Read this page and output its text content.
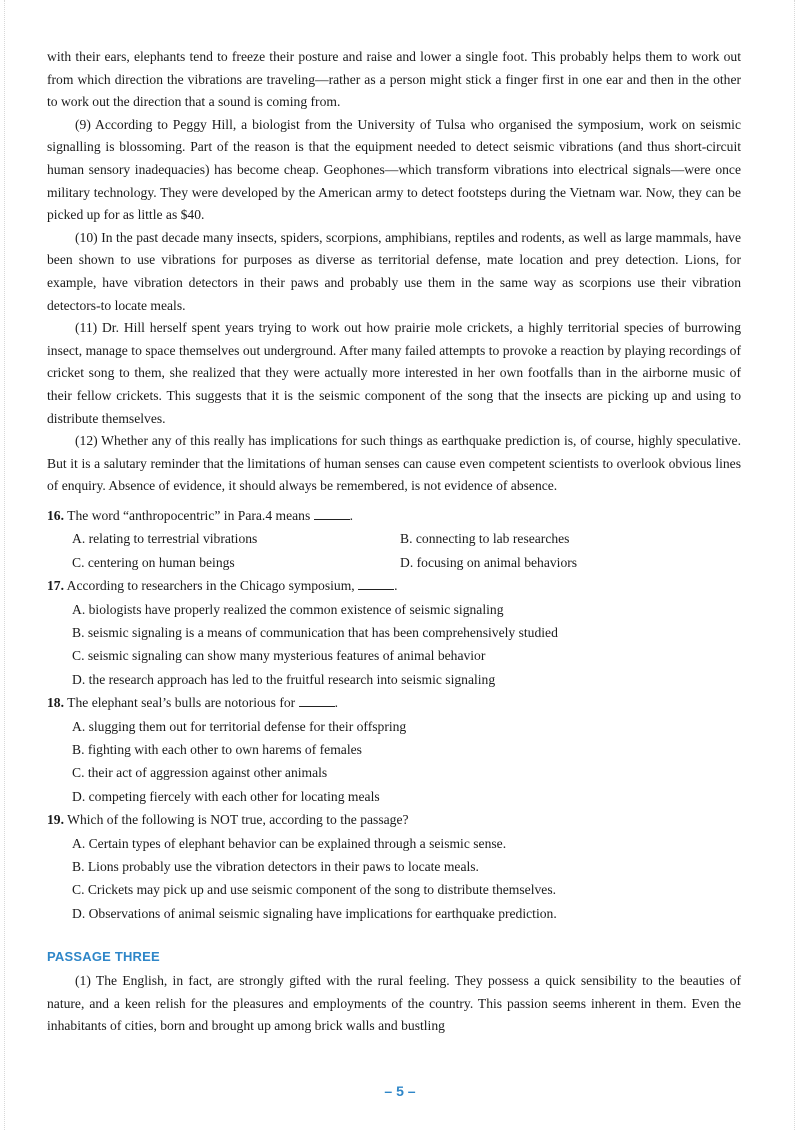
with their ears, elephants tend to freeze their posture and raise and lower a single foot. This probably helps them to work out from which direction the vibrations are traveling—rather as a person might stick a finger first in one ear and then in the other to work out the direction that a sound is coming from.

(9) According to Peggy Hill, a biologist from the University of Tulsa who organised the symposium, work on seismic signalling is blossoming. Part of the reason is that the equipment needed to detect seismic vibrations (and thus short-circuit human sensory inadequacies) has become cheap. Geophones—which transform vibrations into electrical signals—were once military technology. They were developed by the American army to detect footsteps during the Vietnam war. Now, they can be picked up for as little as $40.

(10) In the past decade many insects, spiders, scorpions, amphibians, reptiles and rodents, as well as large mammals, have been shown to use vibrations for purposes as diverse as territorial defense, mate location and prey detection. Lions, for example, have vibration detectors in their paws and probably use them in the same way as scorpions use their vibration detectors-to locate meals.

(11) Dr. Hill herself spent years trying to work out how prairie mole crickets, a highly territorial species of burrowing insect, manage to space themselves out underground. After many failed attempts to provoke a reaction by playing recordings of cricket song to them, she realized that they were actually more interested in her own footfalls than in the airborne music of their fellow crickets. This suggests that it is the seismic component of the song that the insects are picking up and using to distribute themselves.

(12) Whether any of this really has implications for such things as earthquake prediction is, of course, highly speculative. But it is a salutary reminder that the limitations of human senses can cause even competent scientists to overlook obvious lines of enquiry. Absence of evidence, it should always be remembered, is not evidence of absence.

16. The word “anthropocentric” in Para.4 means	.

A. relating to terrestrial vibrations	B. connecting to lab researches
C. centering on human beings	D. focusing on animal behaviors

17. According to researchers in the Chicago symposium,	.

A. biologists have properly realized the common existence of seismic signaling

B. seismic signaling is a means of communication that has been comprehensively studied

C. seismic signaling can show many mysterious features of animal behavior

D. the research approach has led to the fruitful research into seismic signaling

18. The elephant seal’s bulls are notorious for	.

A. slugging them out for territorial defense for their offspring

B. fighting with each other to own harems of females

C. their act of aggression against other animals

D. competing fiercely with each other for locating meals

19. Which of the following is NOT true, according to the passage?

A. Certain types of elephant behavior can be explained through a seismic sense.

B. Lions probably use the vibration detectors in their paws to locate meals.

C. Crickets may pick up and use seismic component of the song to distribute themselves.

D. Observations of animal seismic signaling have implications for earthquake prediction.

PASSAGE THREE

(1) The English, in fact, are strongly gifted with the rural feeling. They possess a quick sensibility to the beauties of nature, and a keen relish for the pleasures and employments of the country. This passion seems inherent in them. Even the inhabitants of cities, born and brought up among brick walls and bustling

– 5 –
